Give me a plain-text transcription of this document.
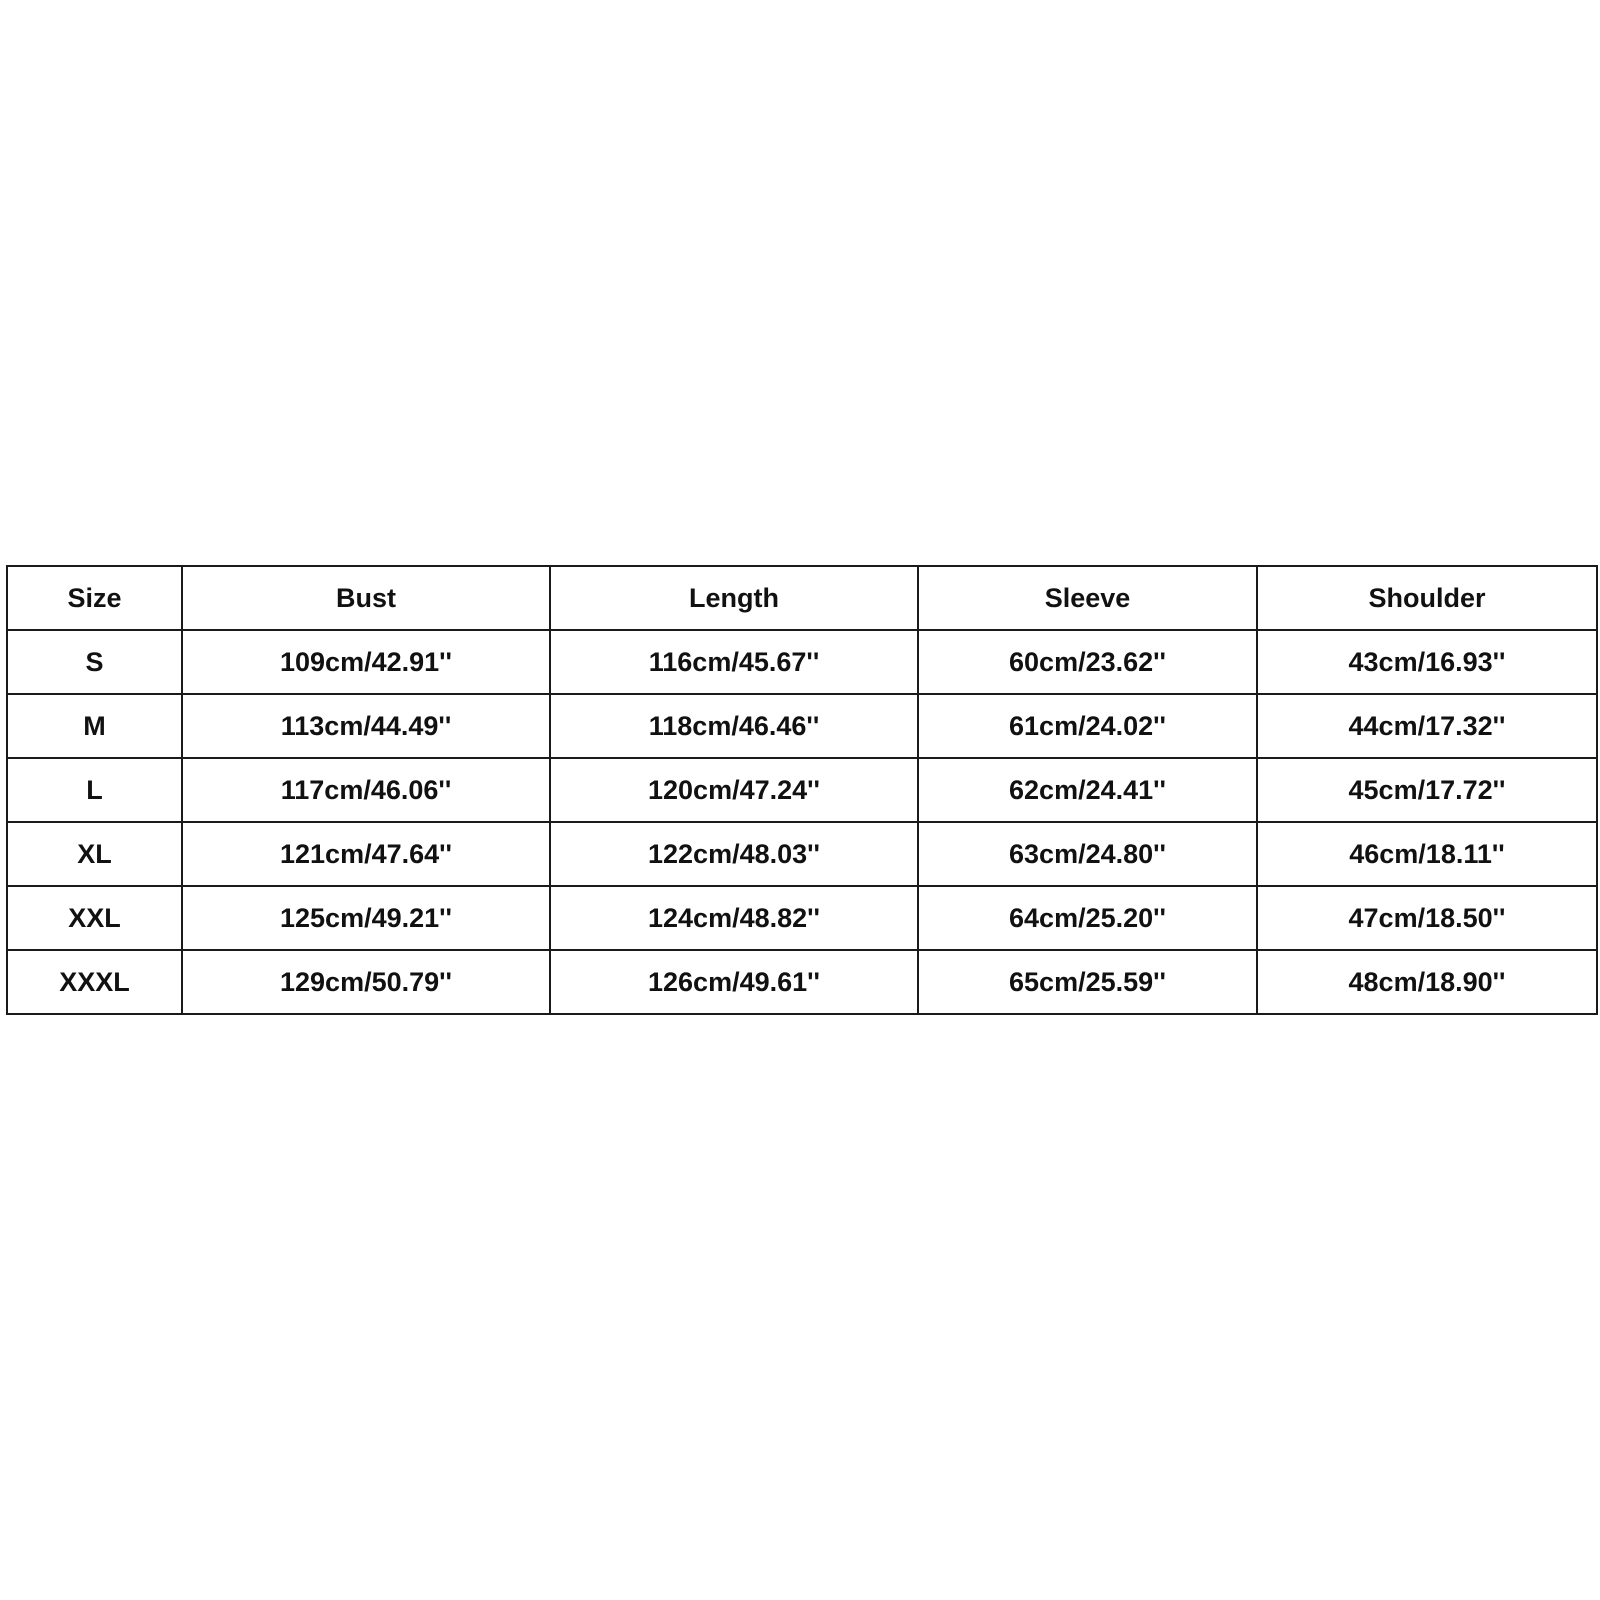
Size	Bust	Length	Sleeve	Shoulder
S	109cm/42.91''	116cm/45.67''	60cm/23.62''	43cm/16.93''
M	113cm/44.49''	118cm/46.46''	61cm/24.02''	44cm/17.32''
L	117cm/46.06''	120cm/47.24''	62cm/24.41''	45cm/17.72''
XL	121cm/47.64''	122cm/48.03''	63cm/24.80''	46cm/18.11''
XXL	125cm/49.21''	124cm/48.82''	64cm/25.20''	47cm/18.50''
XXXL	129cm/50.79''	126cm/49.61''	65cm/25.59''	48cm/18.90''
